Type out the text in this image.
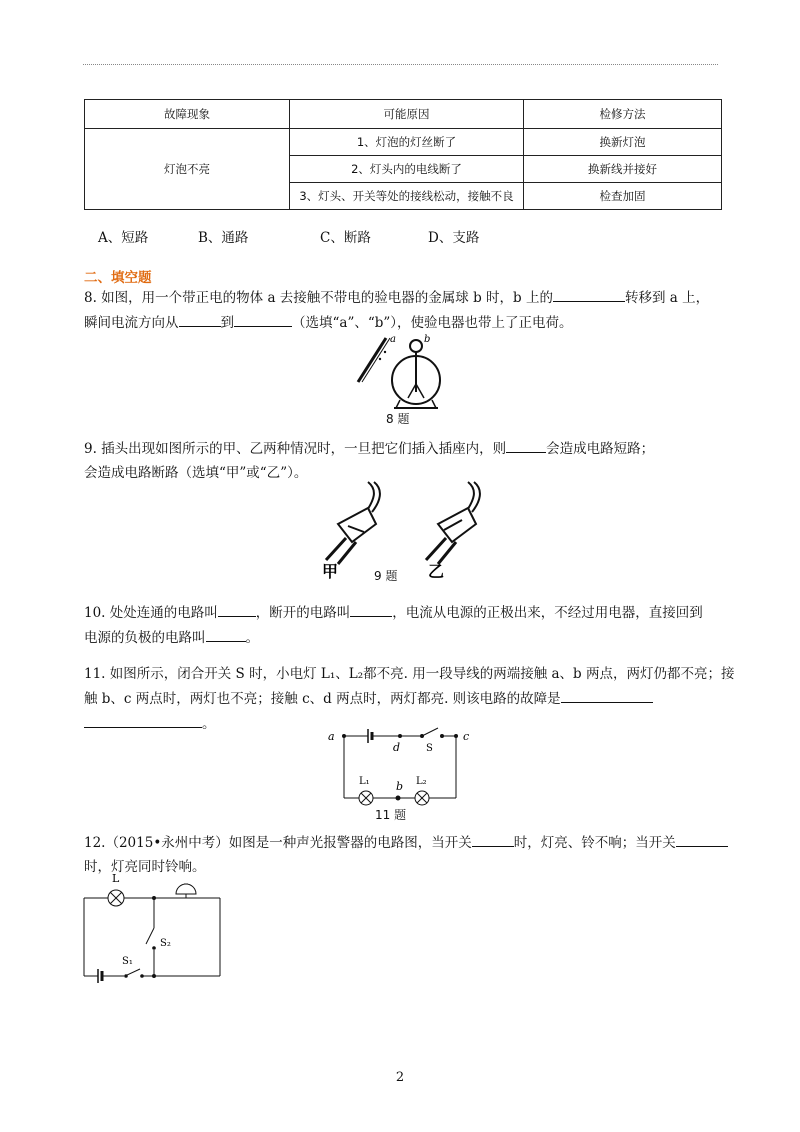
故障现象	可能原因	检修方法
灯泡不亮	1、灯泡的灯丝断了	换新灯泡
	2、灯头内的电线断了	换新线并接好
	3、灯头、开关等处的接线松动，接触不良	检查加固
A、短路	B、通路	C、断路	D、支路
二、填空题
8. 如图，用一个带正电的物体 a 去接触不带电的验电器的金属球 b 时，b 上的	转移到 a 上，
瞬间电流方向从	到	（选填“a”、“b”），使验电器也带上了正电荷。
a	b
8 题
9. 插头出现如图所示的甲、乙两种情况时，一旦把它们插入插座内，则	会造成电路短路；
会造成电路断路（选填“甲”或“乙”）。
甲	乙
9 题
10. 处处连通的电路叫	，断开的电路叫	，电流从电源的正极出来，不经过用电器，直接回到
电源的负极的电路叫	。
11. 如图所示，闭合开关 S 时，小电灯 L₁、L₂都不亮. 用一段导线的两端接触 a、b 两点，两灯仍都不亮；接
触 b、c 两点时，两灯也不亮；接触 c、d 两点时，两灯都亮. 则该电路的故障是
。
a
d	S
c
L₁ b L₂
11 题
12.（2015•永州中考）如图是一种声光报警器的电路图，当开关	时，灯亮、铃不响；当开关
时，灯亮同时铃响。
L
S₂
S₁
2
